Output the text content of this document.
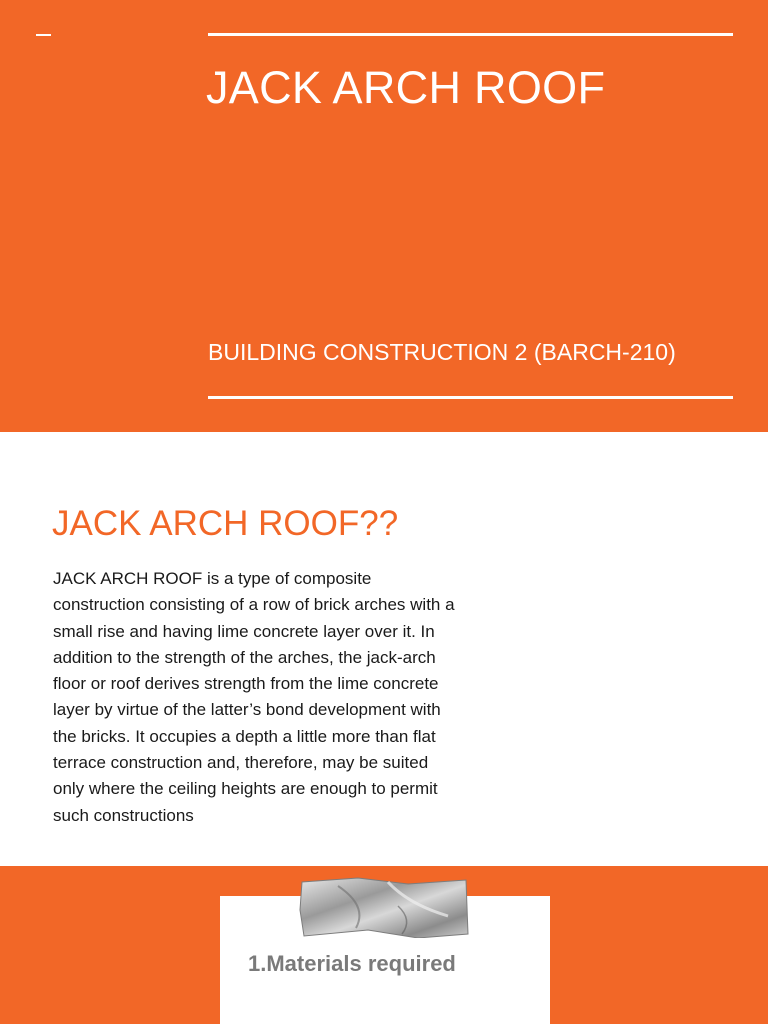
JACK ARCH ROOF

BUILDING CONSTRUCTION 2 (BARCH-210)

JACK ARCH ROOF??

JACK ARCH ROOF is a type of composite construction consisting of a row of brick arches with a small rise and having lime concrete layer over it. In addition to the strength of the arches, the jack-arch floor or roof derives strength from the lime concrete layer by virtue of the latter’s bond development with the bricks. It occupies a depth a little more than flat terrace construction and, therefore, may be suited only where the ceiling heights are enough to permit such constructions

1.Materials required
